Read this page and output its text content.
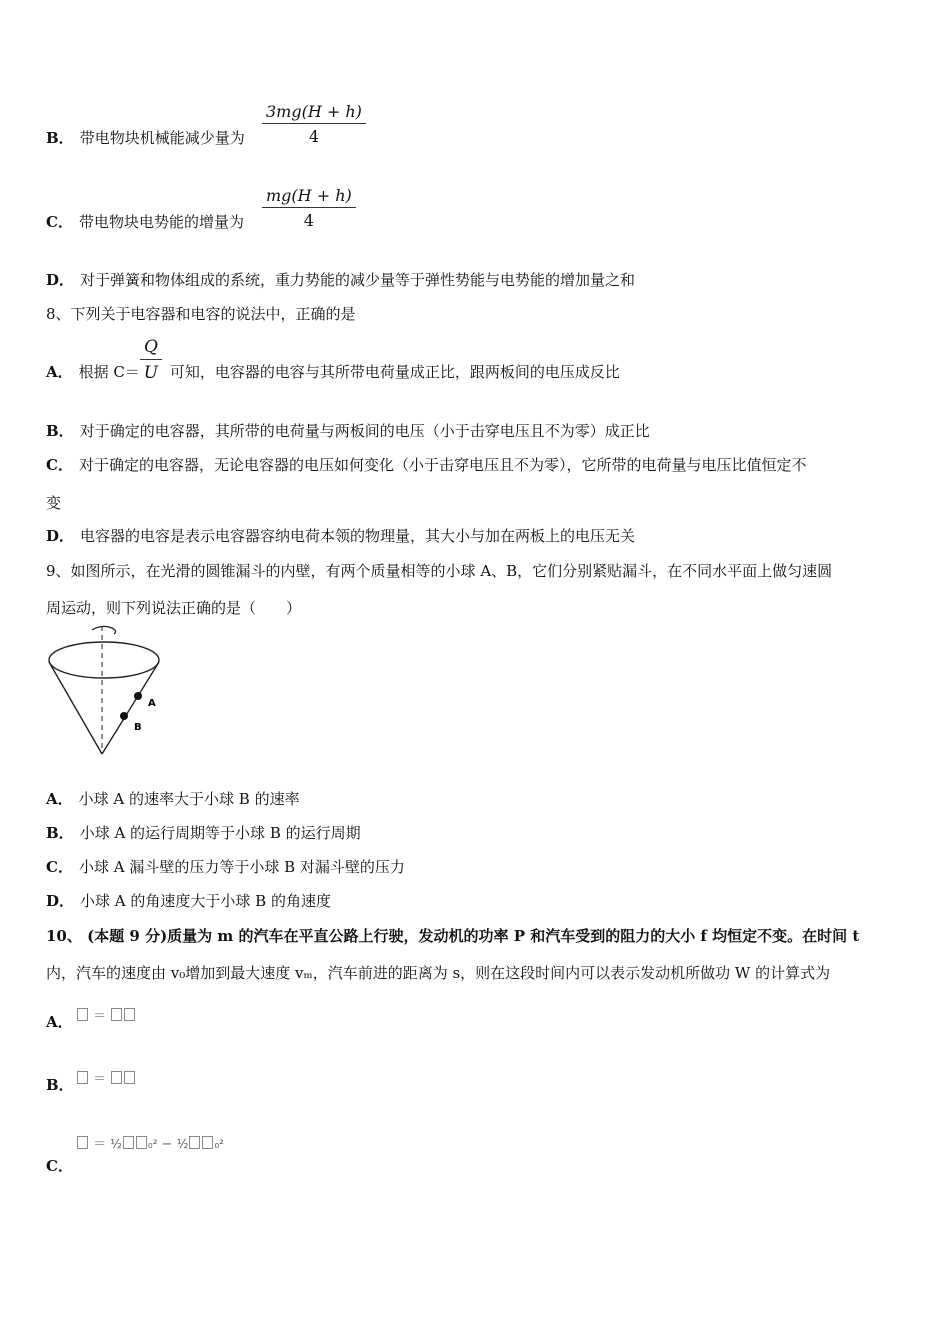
$\frac{3mg(H + h)}{4}$
B． 带电物块机械能减少量为
$\frac{mg(H + h)}{4}$
C． 带电物块电势能的增量为
D． 对于弹簧和物体组成的系统，重力势能的减少量等于弹性势能与电势能的增加量之和
8、下列关于电容器和电容的说法中，正确的是
$\frac{Q}{U}$
A． 根据 C＝ 可知，电容器的电容与其所带电荷量成正比，跟两板间的电压成反比
B． 对于确定的电容器，其所带的电荷量与两板间的电压（小于击穿电压且不为零）成正比
C． 对于确定的电容器，无论电容器的电压如何变化（小于击穿电压且不为零），它所带的电荷量与电压比值恒定不
变
D． 电容器的电容是表示电容器容纳电荷本领的物理量，其大小与加在两板上的电压无关
9、如图所示，在光滑的圆锥漏斗的内壁，有两个质量相等的小球 A、B，它们分别紧贴漏斗，在不同水平面上做匀速圆
周运动，则下列说法正确的是（　　）
A
B
A． 小球 A 的速率大于小球 B 的速率
B． 小球 A 的运行周期等于小球 B 的运行周期
C． 小球 A 漏斗壁的压力等于小球 B 对漏斗壁的压力
D． 小球 A 的角速度大于小球 B 的角速度
10、 (本题 9 分)质量为 m 的汽车在平直公路上行驶，发动机的功率 P 和汽车受到的阻力的大小 f 均恒定不变。在时间 t
内，汽车的速度由 v₀增加到最大速度 vₘ，汽车前进的距离为 s，则在这段时间内可以表示发动机所做功 W 的计算式为
A．	＝
B．	＝
C．
＝ ½ ₀² − ½ ₀²
